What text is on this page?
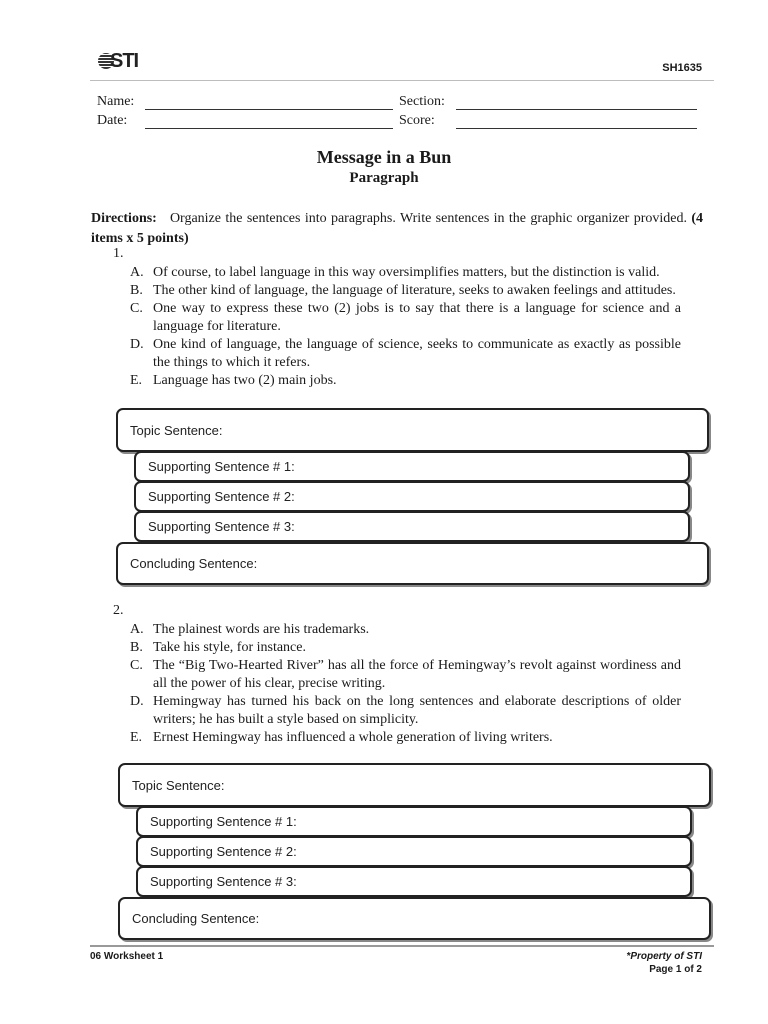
STI	SH1635
Name:	Section:
Date:	Score:
Message in a Bun
Paragraph
Directions: Organize the sentences into paragraphs. Write sentences in the graphic organizer provided. (4 items x 5 points)
1.
A. Of course, to label language in this way oversimplifies matters, but the distinction is valid.
B. The other kind of language, the language of literature, seeks to awaken feelings and attitudes.
C. One way to express these two (2) jobs is to say that there is a language for science and a language for literature.
D. One kind of language, the language of science, seeks to communicate as exactly as possible the things to which it refers.
E. Language has two (2) main jobs.
Topic Sentence:
Supporting Sentence # 1:
Supporting Sentence # 2:
Supporting Sentence # 3:
Concluding Sentence:
2.
A. The plainest words are his trademarks.
B. Take his style, for instance.
C. The “Big Two-Hearted River” has all the force of Hemingway’s revolt against wordiness and all the power of his clear, precise writing.
D. Hemingway has turned his back on the long sentences and elaborate descriptions of older writers; he has built a style based on simplicity.
E. Ernest Hemingway has influenced a whole generation of living writers.
Topic Sentence:
Supporting Sentence # 1:
Supporting Sentence # 2:
Supporting Sentence # 3:
Concluding Sentence:
06 Worksheet 1	*Property of STI
Page 1 of 2
